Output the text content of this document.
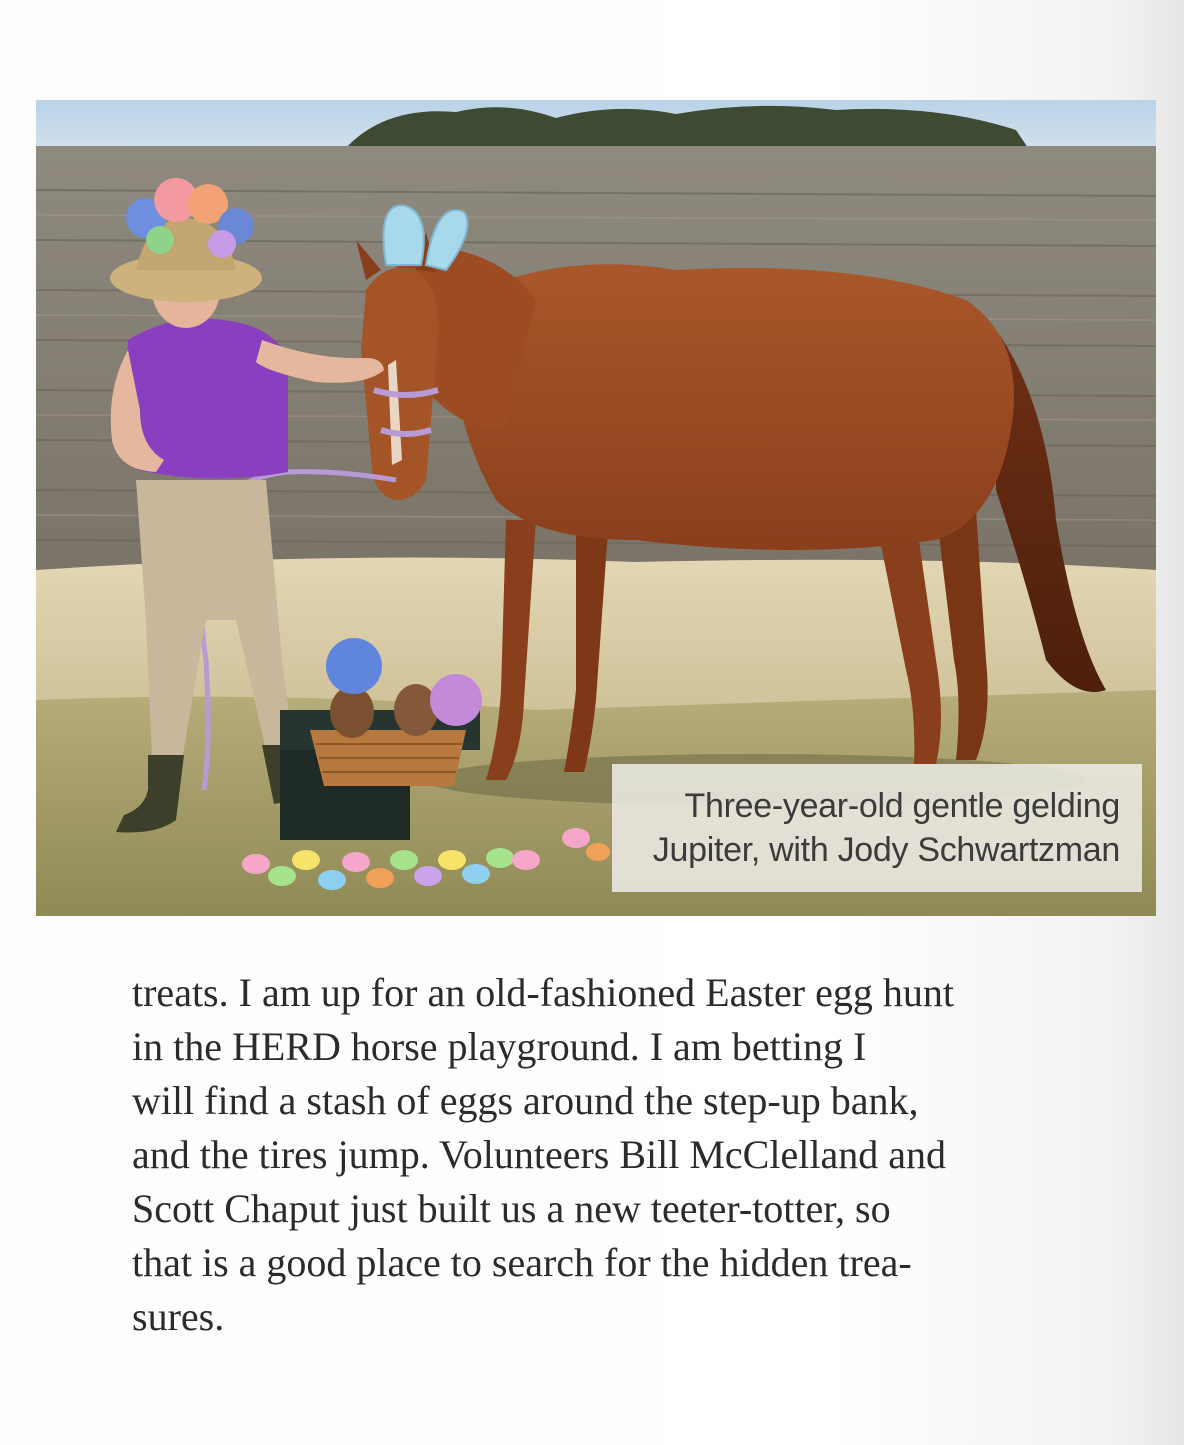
Three-year-old gentle gelding
Jupiter, with Jody Schwartzman
treats. I am up for an old-fashioned Easter egg hunt
in the HERD horse playground. I am betting I
will find a stash of eggs around the step-up bank,
and the tires jump. Volunteers Bill McClelland and
Scott Chaput just built us a new teeter-totter, so
that is a good place to search for the hidden trea-
sures.
